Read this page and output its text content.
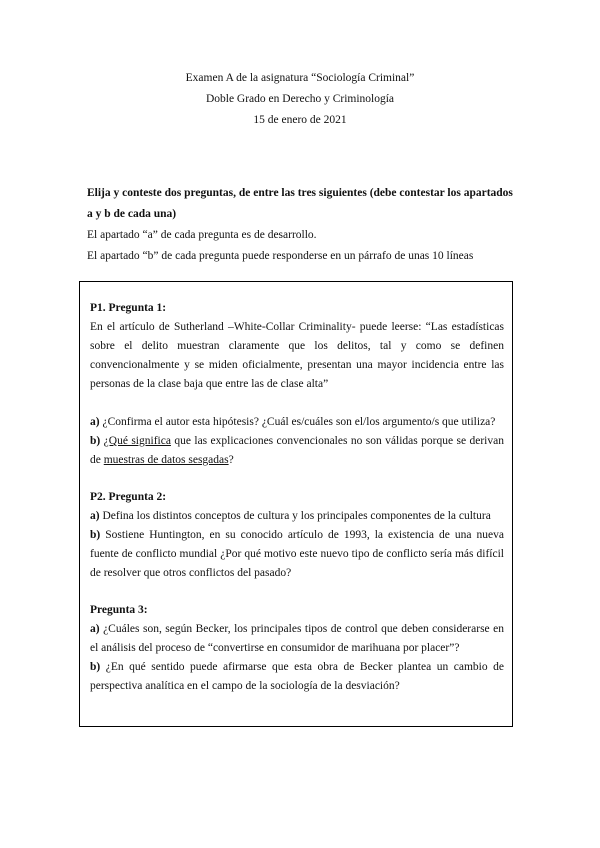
Examen A de la asignatura “Sociología Criminal”
Doble Grado en Derecho y Criminología
15 de enero de 2021
Elija y conteste dos preguntas, de entre las tres siguientes (debe contestar los apartados a y b de cada una)
El apartado “a” de cada pregunta es de desarrollo.
El apartado “b” de cada pregunta puede responderse en un párrafo de unas 10 líneas
P1. Pregunta 1:
En el artículo de Sutherland –White-Collar Criminality- puede leerse: “Las estadísticas sobre el delito muestran claramente que los delitos, tal y como se definen convencionalmente y se miden oficialmente, presentan una mayor incidencia entre las personas de la clase baja que entre las de clase alta”
a) ¿Confirma el autor esta hipótesis? ¿Cuál es/cuáles son el/los argumento/s que utiliza?
b) ¿Qué significa que las explicaciones convencionales no son válidas porque se derivan de muestras de datos sesgadas?
P2. Pregunta 2:
a) Defina los distintos conceptos de cultura y los principales componentes de la cultura
b) Sostiene Huntington, en su conocido artículo de 1993, la existencia de una nueva fuente de conflicto mundial ¿Por qué motivo este nuevo tipo de conflicto sería más difícil de resolver que otros conflictos del pasado?
Pregunta 3:
a) ¿Cuáles son, según Becker, los principales tipos de control que deben considerarse en el análisis del proceso de “convertirse en consumidor de marihuana por placer”?
b) ¿En qué sentido puede afirmarse que esta obra de Becker plantea un cambio de perspectiva analítica en el campo de la sociología de la desviación?
